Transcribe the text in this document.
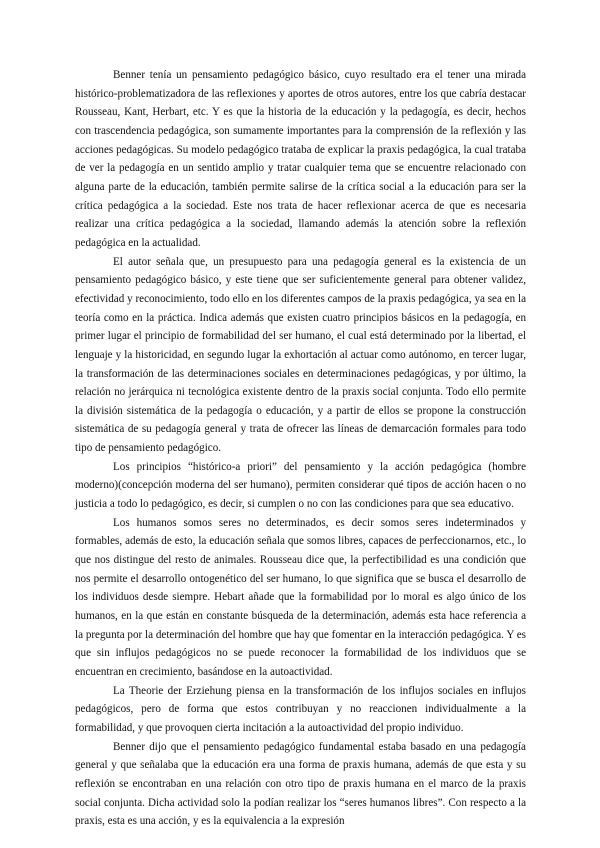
Benner tenía un pensamiento pedagógico básico, cuyo resultado era el tener una mirada histórico-problematizadora de las reflexiones y aportes de otros autores, entre los que cabría destacar Rousseau, Kant, Herbart, etc. Y es que la historia de la educación y la pedagogía, es decir, hechos con trascendencia pedagógica, son sumamente importantes para la comprensión de la reflexión y las acciones pedagógicas. Su modelo pedagógico trataba de explicar la praxis pedagógica, la cual trataba de ver la pedagogía en un sentido amplio y tratar cualquier tema que se encuentre relacionado con alguna parte de la educación, también permite salirse de la crítica social a la educación para ser la crítica pedagógica a la sociedad. Este nos trata de hacer reflexionar acerca de que es necesaria realizar una crítica pedagógica a la sociedad, llamando además la atención sobre la reflexión pedagógica en la actualidad.

El autor señala que, un presupuesto para una pedagogía general es la existencia de un pensamiento pedagógico básico, y este tiene que ser suficientemente general para obtener validez, efectividad y reconocimiento, todo ello en los diferentes campos de la praxis pedagógica, ya sea en la teoría como en la práctica. Indica además que existen cuatro principios básicos en la pedagogía, en primer lugar el principio de formabilidad del ser humano, el cual está determinado por la libertad, el lenguaje y la historicidad, en segundo lugar la exhortación al actuar como autónomo, en tercer lugar, la transformación de las determinaciones sociales en determinaciones pedagógicas, y por último, la relación no jerárquica ni tecnológica existente dentro de la praxis social conjunta. Todo ello permite la división sistemática de la pedagogía o educación, y a partir de ellos se propone la construcción sistemática de su pedagogía general y trata de ofrecer las líneas de demarcación formales para todo tipo de pensamiento pedagógico.

Los principios “histórico-a priori” del pensamiento y la acción pedagógica (hombre moderno)(concepción moderna del ser humano), permiten considerar qué tipos de acción hacen o no justicia a todo lo pedagógico, es decir, si cumplen o no con las condiciones para que sea educativo.

Los humanos somos seres no determinados, es decir somos seres indeterminados y formables, además de esto, la educación señala que somos libres, capaces de perfeccionarnos, etc., lo que nos distingue del resto de animales. Rousseau dice que, la perfectibilidad es una condición que nos permite el desarrollo ontogenético del ser humano, lo que significa que se busca el desarrollo de los individuos desde siempre. Hebart añade que la formabilidad por lo moral es algo único de los humanos, en la que están en constante búsqueda de la determinación, además esta hace referencia a la pregunta por la determinación del hombre que hay que fomentar en la interacción pedagógica. Y es que sin influjos pedagógicos no se puede reconocer la formabilidad de los individuos que se encuentran en crecimiento, basándose en la autoactividad.

La Theorie der Erziehung piensa en la transformación de los influjos sociales en influjos pedagógicos, pero de forma que estos contribuyan y no reaccionen individualmente a la formabilidad, y que provoquen cierta incitación a la autoactividad del propio individuo.

Benner dijo que el pensamiento pedagógico fundamental estaba basado en una pedagogía general y que señalaba que la educación era una forma de praxis humana, además de que esta y su reflexión se encontraban en una relación con otro tipo de praxis humana en el marco de la praxis social conjunta. Dicha actividad solo la podían realizar los “seres humanos libres”. Con respecto a la praxis, esta es una acción, y es la equivalencia a la expresión
